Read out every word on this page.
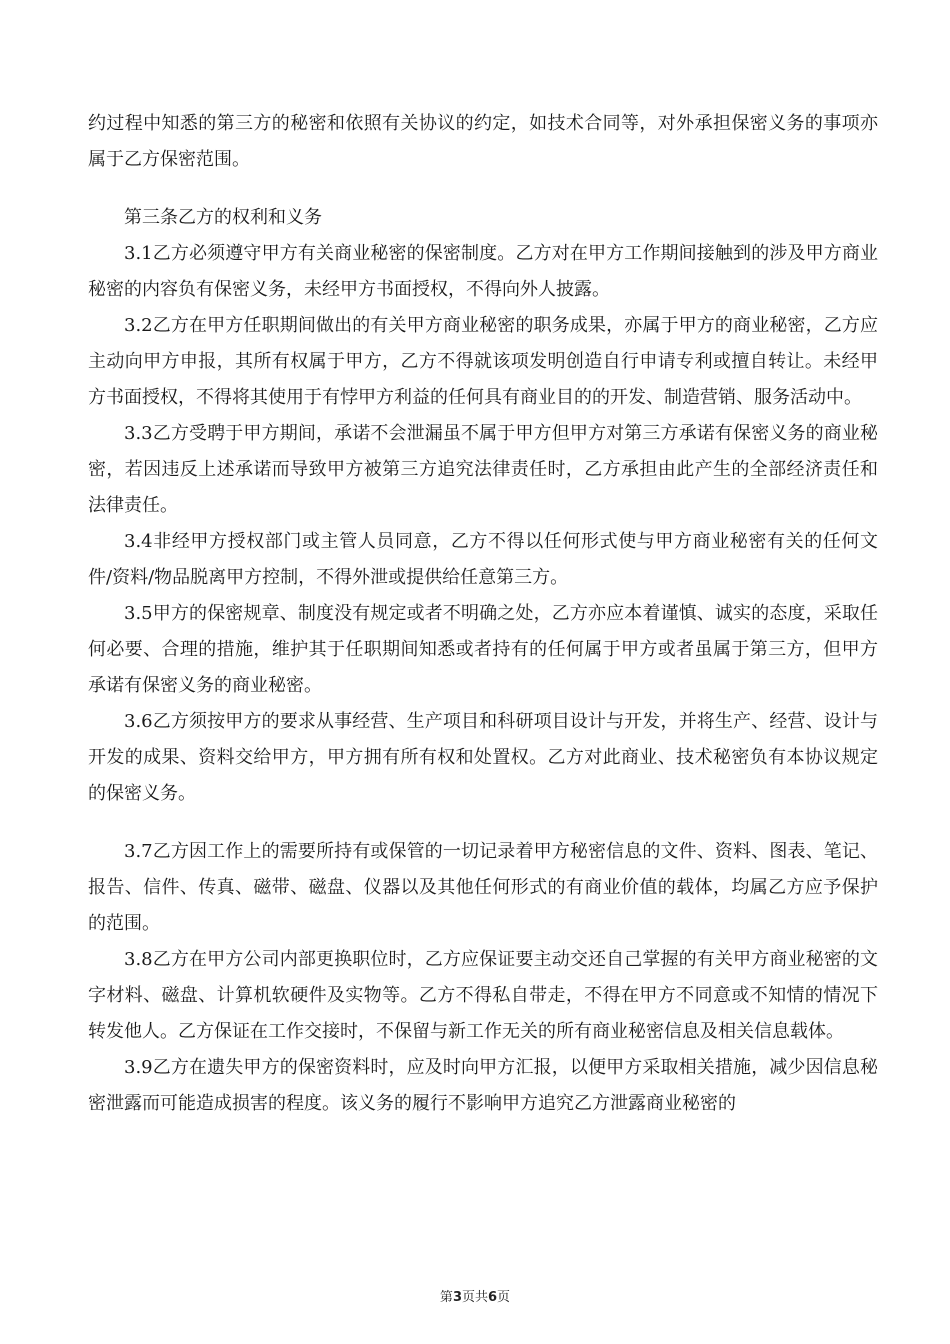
约过程中知悉的第三方的秘密和依照有关协议的约定，如技术合同等，对外承担保密义务的事项亦属于乙方保密范围。

第三条乙方的权利和义务

3.1乙方必须遵守甲方有关商业秘密的保密制度。乙方对在甲方工作期间接触到的涉及甲方商业秘密的内容负有保密义务，未经甲方书面授权，不得向外人披露。

3.2乙方在甲方任职期间做出的有关甲方商业秘密的职务成果，亦属于甲方的商业秘密，乙方应主动向甲方申报，其所有权属于甲方，乙方不得就该项发明创造自行申请专利或擅自转让。未经甲方书面授权，不得将其使用于有悖甲方利益的任何具有商业目的的开发、制造营销、服务活动中。

3.3乙方受聘于甲方期间，承诺不会泄漏虽不属于甲方但甲方对第三方承诺有保密义务的商业秘密，若因违反上述承诺而导致甲方被第三方追究法律责任时，乙方承担由此产生的全部经济责任和法律责任。

3.4非经甲方授权部门或主管人员同意，乙方不得以任何形式使与甲方商业秘密有关的任何文件/资料/物品脱离甲方控制，不得外泄或提供给任意第三方。

3.5甲方的保密规章、制度没有规定或者不明确之处，乙方亦应本着谨慎、诚实的态度，采取任何必要、合理的措施，维护其于任职期间知悉或者持有的任何属于甲方或者虽属于第三方，但甲方承诺有保密义务的商业秘密。

3.6乙方须按甲方的要求从事经营、生产项目和科研项目设计与开发，并将生产、经营、设计与开发的成果、资料交给甲方，甲方拥有所有权和处置权。乙方对此商业、技术秘密负有本协议规定的保密义务。

3.7乙方因工作上的需要所持有或保管的一切记录着甲方秘密信息的文件、资料、图表、笔记、报告、信件、传真、磁带、磁盘、仪器以及其他任何形式的有商业价值的载体，均属乙方应予保护的范围。

3.8乙方在甲方公司内部更换职位时，乙方应保证要主动交还自己掌握的有关甲方商业秘密的文字材料、磁盘、计算机软硬件及实物等。乙方不得私自带走，不得在甲方不同意或不知情的情况下转发他人。乙方保证在工作交接时，不保留与新工作无关的所有商业秘密信息及相关信息载体。

3.9乙方在遗失甲方的保密资料时，应及时向甲方汇报，以便甲方采取相关措施，减少因信息秘密泄露而可能造成损害的程度。该义务的履行不影响甲方追究乙方泄露商业秘密的

第3页共6页
